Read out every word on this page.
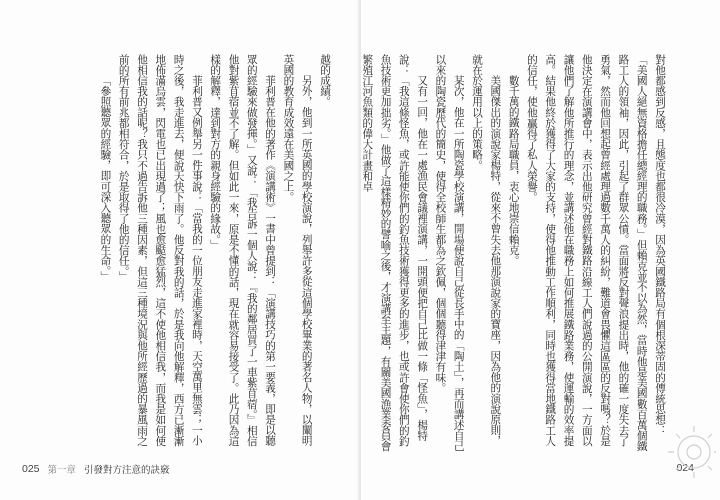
越的成績。

另外，他到一所英國的學校演說，列舉許多從這個學校畢業的著名人物，以闡明英國的教育成效遠在美國之上。

菲利普在他的著作《演講術》一書中曾提到：「演講技巧的第一要義，即是以聽眾的經驗來做發揮。」又說：「我告訴一個人說：『我的鄰居買了一車紫苜蓿。』相信他對紫苜蓿並不了解。但如此一來，原是不懂的話，現在就容易接受了。此乃因為這樣的解釋，達到對方的親身經驗的緣故。」

菲利普又例舉另一件事說：「當我的一位朋友走進家裡時，天空萬里無雲；一小時之後，我走進去，便說天快下雨了。他反對我的話，於是我向他解釋，西方已漸漸地佈滿烏雲，閃電也已出現過了；風也愈颳愈猛烈，這不使他相信我，而我是如何使他相信我的話呢？我只不過告訴他三種因素，但這三種境況與他所經歷過的暴風雨之前的所有前兆都相符合，於是取得了他的信任。」

「參照聽眾的經驗，即可深入聽眾的生命。」

025 第一章 引發對方注意的訣竅

對他都感到反感，且態度也都很冷漠，因為英國鐵路局有個根深蒂固的傳統思想：「美國人絕無資格擔任總經理的職務。」但賴克並不以為然，當時他是美國數百萬個鐵路工人的領袖，因此，引起了群眾公憤。當面將反對聲浪提出時，他的確一度失去了勇氣，然而他回想起曾經處理過數千萬人的糾紛，難道會畏懼這區區的反對嗎？於是他決定在演講會中，表示出他研究曾經對鐵路沿線工人們說過的公開演說，一方面以讓他們了解他所推行的理念，並講述他在職務上如何推展鐵路業務，使運輸的效率提高。結果他終於獲得了大家的支持，使得他推動工作順利，同時也獲得當地鐵路工人的信任，使他贏得了私人榮譽。

數千萬的鐵路局職員，衷心地崇信賴克。

美國傑出的演說家楊特，從來不曾失去他那演說家的寶座，因為他的演說原則，就在於運用以上的策略。

某次，他在一所陶瓷學校演講，開場便說自己從長手中的「陶土」，再而講述自己以來的陶瓷歷代的簡史，使得全校師生都為之欽佩，個個聽得津津有味。

又有一回，他在一處漁民會議裡演講，一開頭便把自己比做一條「怪魚」，楊特說：「我這條怪魚，或許能使你們的釣魚技術獲得更多的進步，也或許會使你們的釣魚技術更加拙劣。」他做了這樣精妙的譬喻之後，才演講至主題，有關美國漁業委員會繁殖江河魚類的偉大計畫和卓

024
